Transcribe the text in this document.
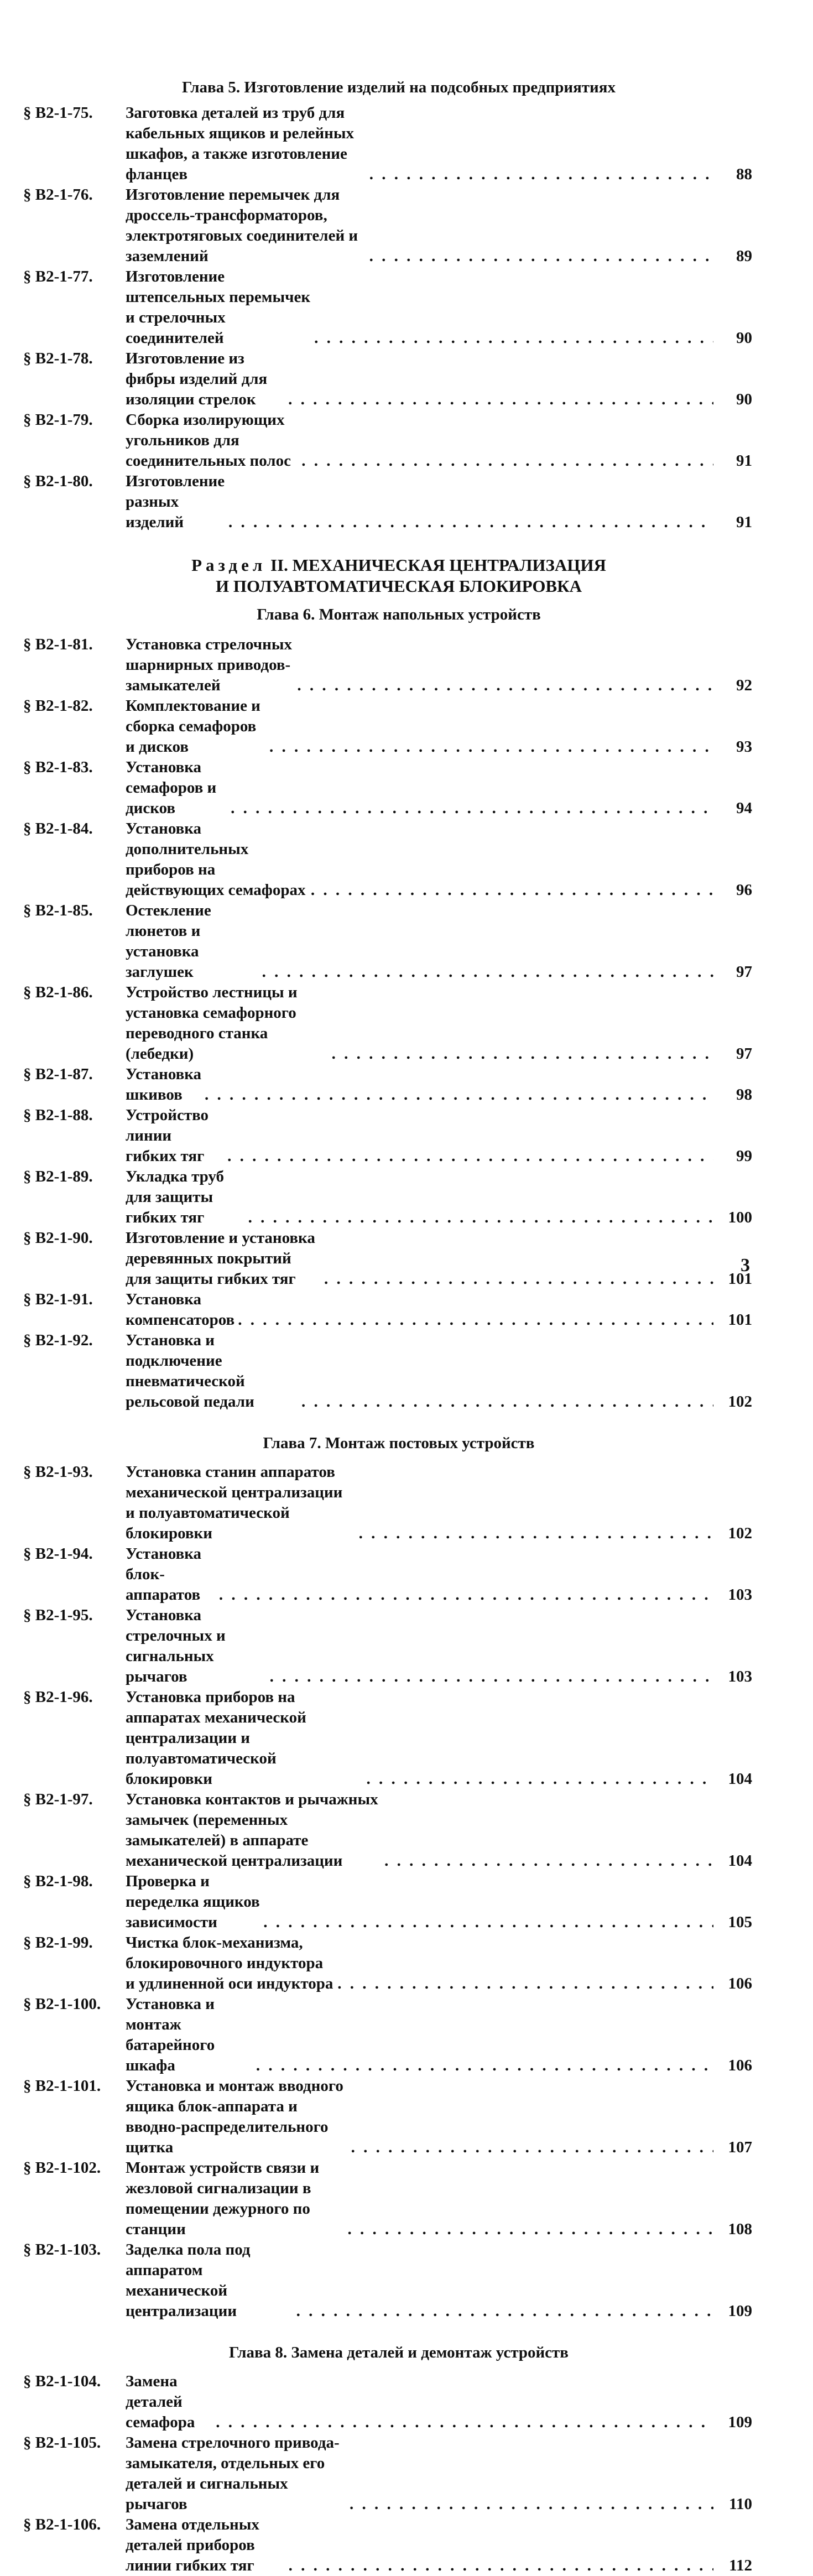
Глава 5. Изготовление изделий на подсобных предприятиях
§ В2-1-75.	Заготовка деталей из труб для кабельных ящиков и релейных шкафов, а также изготовление фланцев . . .	88
§ В2-1-76.	Изготовление перемычек для дроссель-трансформаторов, электротяговых соединителей и заземлений . . .	89
§ В2-1-77.	Изготовление штепсельных перемычек и стрелочных соединителей . . .	90
§ В2-1-78.	Изготовление из фибры изделий для изоляции стрелок . . .	90
§ В2-1-79.	Сборка изолирующих угольников для соединительных полос . . .	91
§ В2-1-80.	Изготовление разных изделий . . .	91
Раздел II. МЕХАНИЧЕСКАЯ ЦЕНТРАЛИЗАЦИЯ
И ПОЛУАВТОМАТИЧЕСКАЯ БЛОКИРОВКА
Глава 6. Монтаж напольных устройств
§ В2-1-81.	Установка стрелочных шарнирных приводов-замыкателей . . .	92
§ В2-1-82.	Комплектование и сборка семафоров и дисков . . .	93
§ В2-1-83.	Установка семафоров и дисков . . .	94
§ В2-1-84.	Установка дополнительных приборов на действующих семафорах . . .	96
§ В2-1-85.	Остекление люнетов и установка заглушек . . .	97
§ В2-1-86.	Устройство лестницы и установка семафорного переводного станка (лебедки) . . .	97
§ В2-1-87.	Установка шкивов . . .	98
§ В2-1-88.	Устройство линии гибких тяг . . .	99
§ В2-1-89.	Укладка труб для защиты гибких тяг . . .	100
§ В2-1-90.	Изготовление и установка деревянных покрытий для защиты гибких тяг . . .	101
§ В2-1-91.	Установка компенсаторов . . .	101
§ В2-1-92.	Установка и подключение пневматической рельсовой педали . . .	102
Глава 7. Монтаж постовых устройств
§ В2-1-93.	Установка станин аппаратов механической централизации и полуавтоматической блокировки . . .	102
§ В2-1-94.	Установка блок-аппаратов . . .	103
§ В2-1-95.	Установка стрелочных и сигнальных рычагов . . .	103
§ В2-1-96.	Установка приборов на аппаратах механической централизации и полуавтоматической блокировки . . .	104
§ В2-1-97.	Установка контактов и рычажных замычек (переменных замыкателей) в аппарате механической централизации . . .	104
§ В2-1-98.	Проверка и переделка ящиков зависимости . . .	105
§ В2-1-99.	Чистка блок-механизма, блокировочного индуктора и удлиненной оси индуктора . . .	106
§ В2-1-100.	Установка и монтаж батарейного шкафа . . .	106
§ В2-1-101.	Установка и монтаж вводного ящика блок-аппарата и вводно-распределительного щитка . . .	107
§ В2-1-102.	Монтаж устройств связи и жезловой сигнализации в помещении дежурного по станции . . .	108
§ В2-1-103.	Заделка пола под аппаратом механической централизации . . .	109
Глава 8. Замена деталей и демонтаж устройств
§ В2-1-104.	Замена деталей семафора . . .	109
§ В2-1-105.	Замена стрелочного привода-замыкателя, отдельных его деталей и сигнальных рычагов . . .	110
§ В2-1-106.	Замена отдельных деталей приборов линии гибких тяг . . .	112
3
